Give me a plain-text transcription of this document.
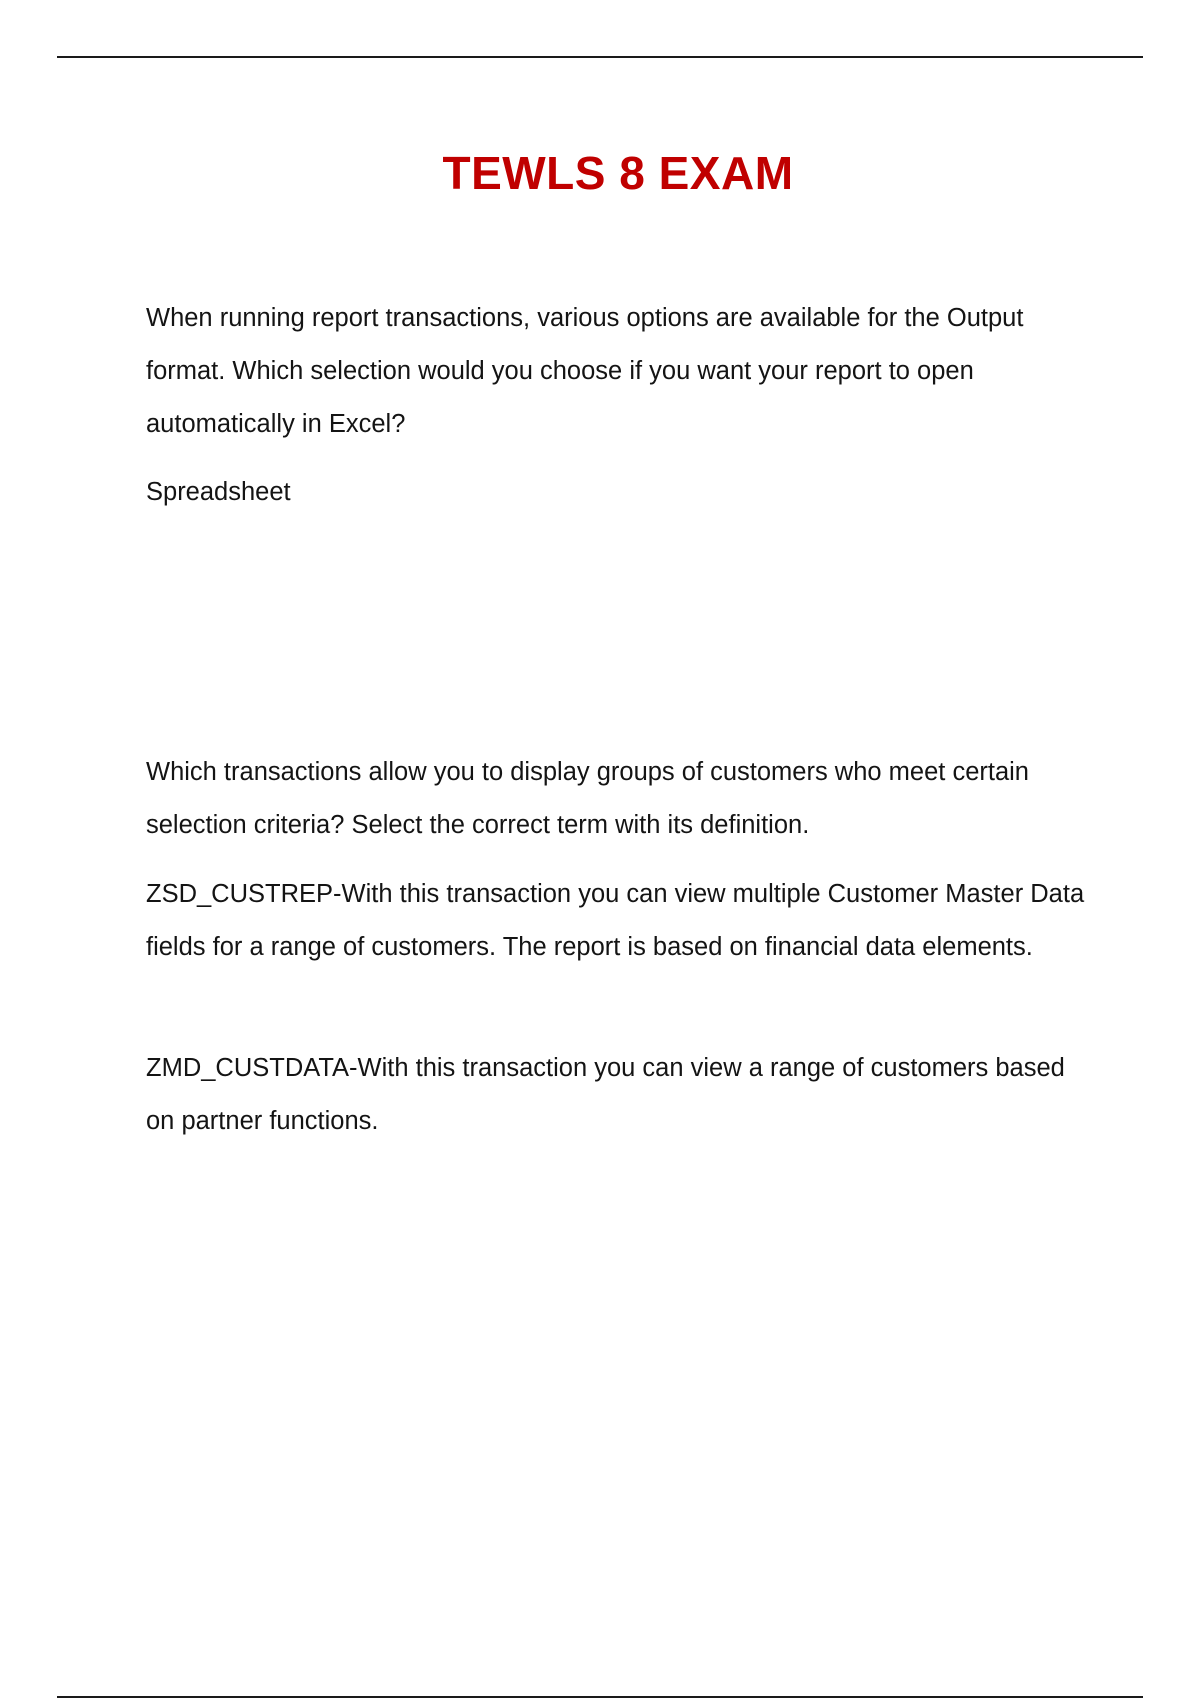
TEWLS 8 EXAM

When running report transactions, various options are available for the Output format. Which selection would you choose if you want your report to open automatically in Excel?

Spreadsheet

Which transactions allow you to display groups of customers who meet certain selection criteria? Select the correct term with its definition.

ZSD_CUSTREP-With this transaction you can view multiple Customer Master Data fields for a range of customers. The report is based on financial data elements.

ZMD_CUSTDATA-With this transaction you can view a range of customers based on partner functions.
